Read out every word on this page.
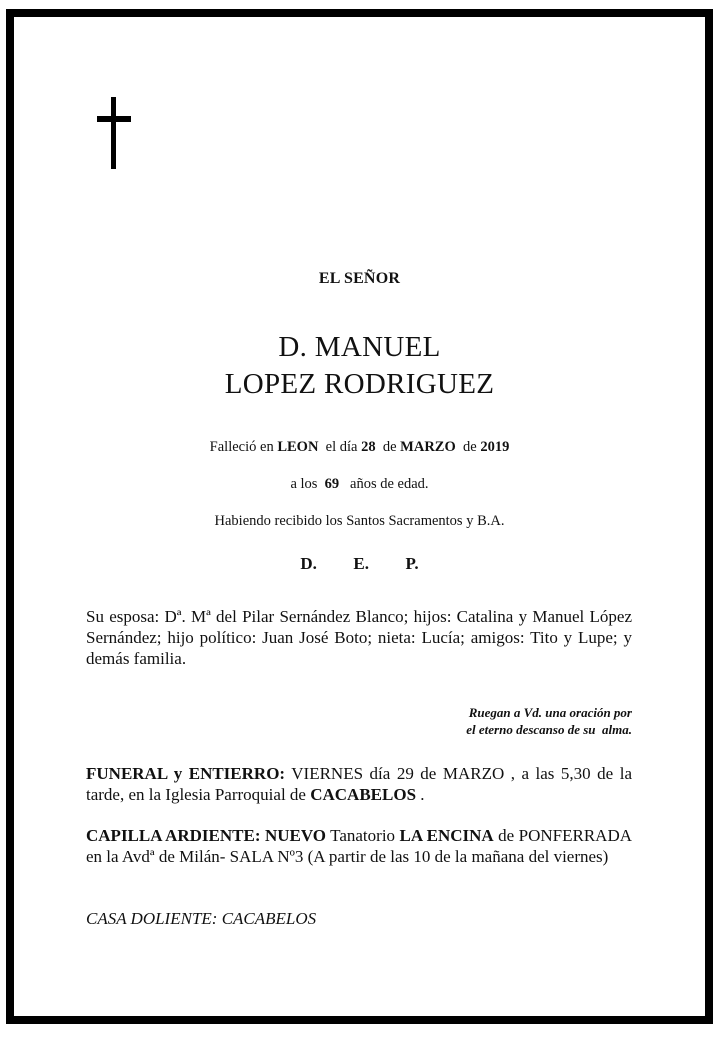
EL SEÑOR
D. MANUEL
LOPEZ RODRIGUEZ
Falleció en LEON  el día 28  de MARZO  de 2019
a los  69   años de edad.
Habiendo recibido los Santos Sacramentos y B.A.
D.  E.  P.
Su esposa: Dª. Mª del Pilar Sernández Blanco; hijos: Catalina y Manuel López Sernández; hijo político: Juan José Boto; nieta: Lucía; amigos: Tito y Lupe; y demás familia.
Ruegan a Vd. una oración por
el eterno descanso de su  alma.
FUNERAL y ENTIERRO: VIERNES día 29 de MARZO , a las 5,30 de la tarde, en la Iglesia Parroquial de CACABELOS .
CAPILLA ARDIENTE: NUEVO Tanatorio LA ENCINA de PONFERRADA en la Avdª de Milán- SALA Nº3 (A partir de las 10 de la mañana del viernes)
CASA DOLIENTE: CACABELOS
